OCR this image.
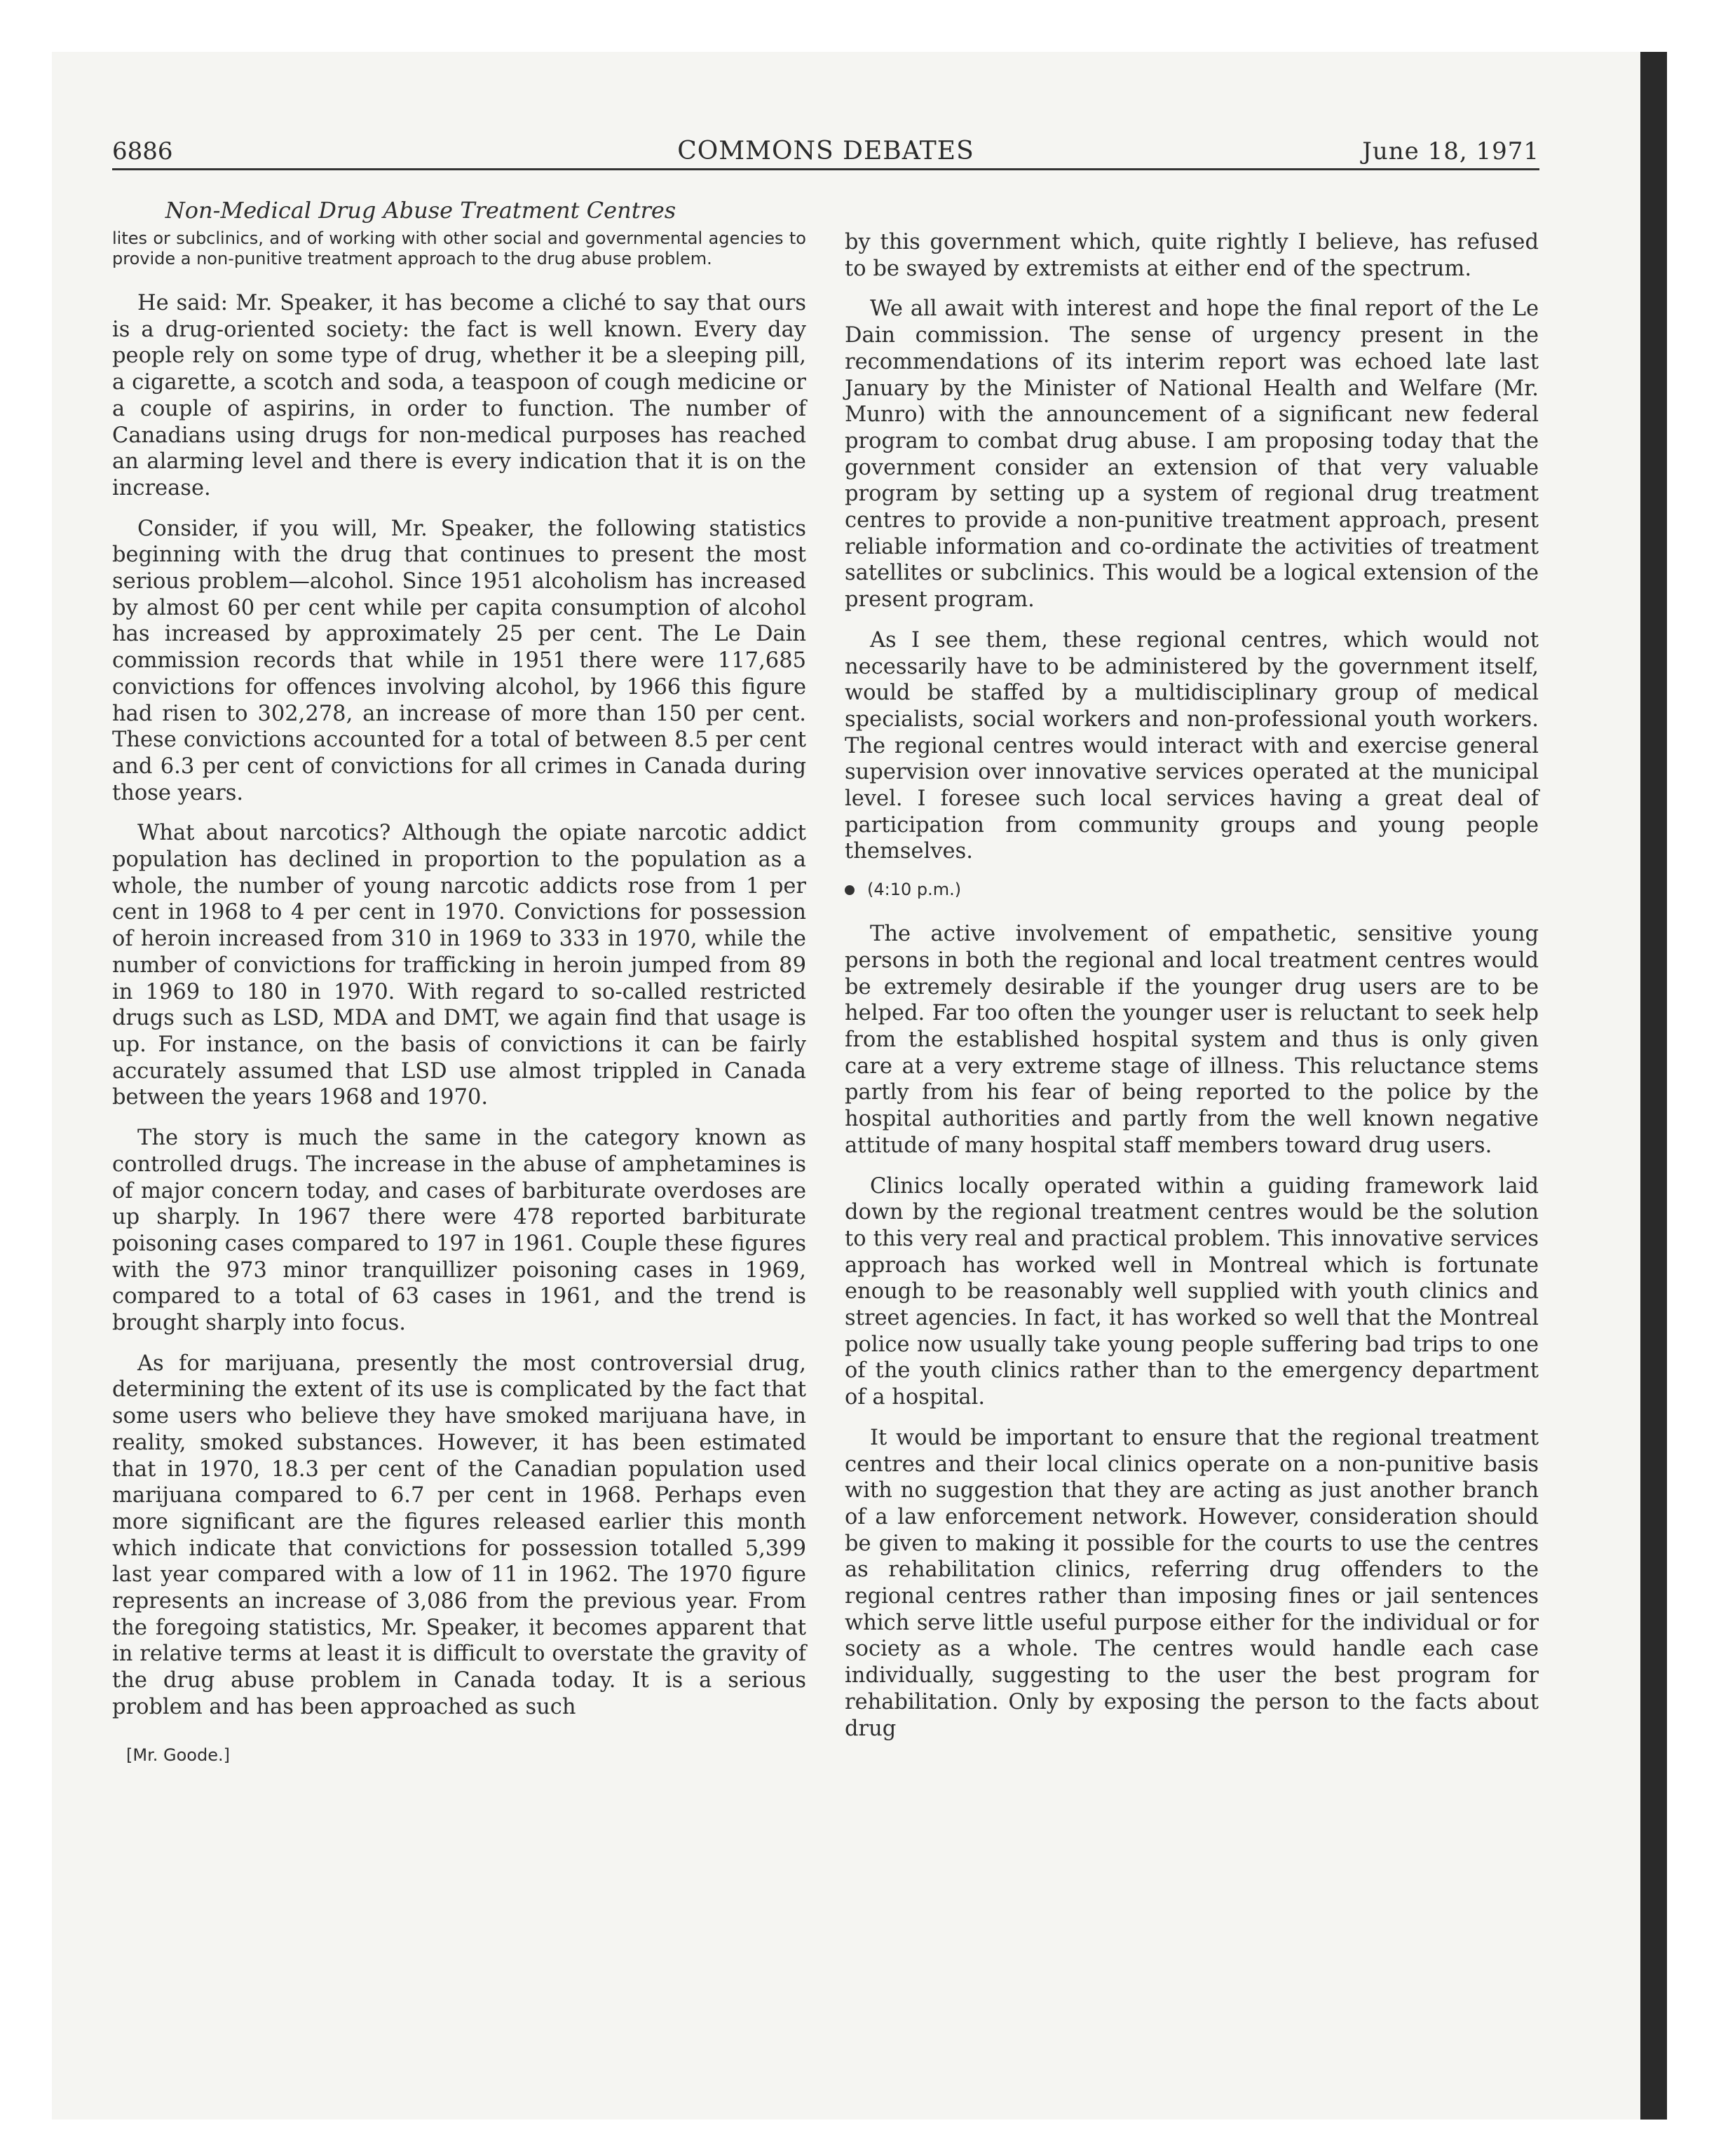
6886	COMMONS DEBATES	June 18, 1971
Non-Medical Drug Abuse Treatment Centres
lites or subclinics, and of working with other social and governmental agencies to provide a non-punitive treatment approach to the drug abuse problem.

He said: Mr. Speaker, it has become a cliché to say that ours is a drug-oriented society: the fact is well known. Every day people rely on some type of drug, whether it be a sleeping pill, a cigarette, a scotch and soda, a teaspoon of cough medicine or a couple of aspirins, in order to function. The number of Canadians using drugs for non-medical purposes has reached an alarming level and there is every indication that it is on the increase.

Consider, if you will, Mr. Speaker, the following statistics beginning with the drug that continues to present the most serious problem—alcohol. Since 1951 alcoholism has increased by almost 60 per cent while per capita consumption of alcohol has increased by approximately 25 per cent. The Le Dain commission records that while in 1951 there were 117,685 convictions for offences involving alcohol, by 1966 this figure had risen to 302,278, an increase of more than 150 per cent. These convictions accounted for a total of between 8.5 per cent and 6.3 per cent of convictions for all crimes in Canada during those years.

What about narcotics? Although the opiate narcotic addict population has declined in proportion to the population as a whole, the number of young narcotic addicts rose from 1 per cent in 1968 to 4 per cent in 1970. Convictions for possession of heroin increased from 310 in 1969 to 333 in 1970, while the number of convictions for trafficking in heroin jumped from 89 in 1969 to 180 in 1970. With regard to so-called restricted drugs such as LSD, MDA and DMT, we again find that usage is up. For instance, on the basis of convictions it can be fairly accurately assumed that LSD use almost trippled in Canada between the years 1968 and 1970.

The story is much the same in the category known as controlled drugs. The increase in the abuse of amphetamines is of major concern today, and cases of barbiturate overdoses are up sharply. In 1967 there were 478 reported barbiturate poisoning cases compared to 197 in 1961. Couple these figures with the 973 minor tranquillizer poisoning cases in 1969, compared to a total of 63 cases in 1961, and the trend is brought sharply into focus.

As for marijuana, presently the most controversial drug, determining the extent of its use is complicated by the fact that some users who believe they have smoked marijuana have, in reality, smoked substances. However, it has been estimated that in 1970, 18.3 per cent of the Canadian population used marijuana compared to 6.7 per cent in 1968. Perhaps even more significant are the figures released earlier this month which indicate that convictions for possession totalled 5,399 last year compared with a low of 11 in 1962. The 1970 figure represents an increase of 3,086 from the previous year. From the foregoing statistics, Mr. Speaker, it becomes apparent that in relative terms at least it is difficult to overstate the gravity of the drug abuse problem in Canada today. It is a serious problem and has been approached as such

[Mr. Goode.]

by this government which, quite rightly I believe, has refused to be swayed by extremists at either end of the spectrum.

We all await with interest and hope the final report of the Le Dain commission. The sense of urgency present in the recommendations of its interim report was echoed late last January by the Minister of National Health and Welfare (Mr. Munro) with the announcement of a significant new federal program to combat drug abuse. I am proposing today that the government consider an extension of that very valuable program by setting up a system of regional drug treatment centres to provide a non-punitive treatment approach, present reliable information and co-ordinate the activities of treatment satellites or subclinics. This would be a logical extension of the present program.

As I see them, these regional centres, which would not necessarily have to be administered by the government itself, would be staffed by a multidisciplinary group of medical specialists, social workers and non-professional youth workers. The regional centres would interact with and exercise general supervision over innovative services operated at the municipal level. I foresee such local services having a great deal of participation from community groups and young people themselves.

(4:10 p.m.)

The active involvement of empathetic, sensitive young persons in both the regional and local treatment centres would be extremely desirable if the younger drug users are to be helped. Far too often the younger user is reluctant to seek help from the established hospital system and thus is only given care at a very extreme stage of illness. This reluctance stems partly from his fear of being reported to the police by the hospital authorities and partly from the well known negative attitude of many hospital staff members toward drug users.

Clinics locally operated within a guiding framework laid down by the regional treatment centres would be the solution to this very real and practical problem. This innovative services approach has worked well in Montreal which is fortunate enough to be reasonably well supplied with youth clinics and street agencies. In fact, it has worked so well that the Montreal police now usually take young people suffering bad trips to one of the youth clinics rather than to the emergency department of a hospital.

It would be important to ensure that the regional treatment centres and their local clinics operate on a non-punitive basis with no suggestion that they are acting as just another branch of a law enforcement network. However, consideration should be given to making it possible for the courts to use the centres as rehabilitation clinics, referring drug offenders to the regional centres rather than imposing fines or jail sentences which serve little useful purpose either for the individual or for society as a whole. The centres would handle each case individually, suggesting to the user the best program for rehabilitation. Only by exposing the person to the facts about drug
